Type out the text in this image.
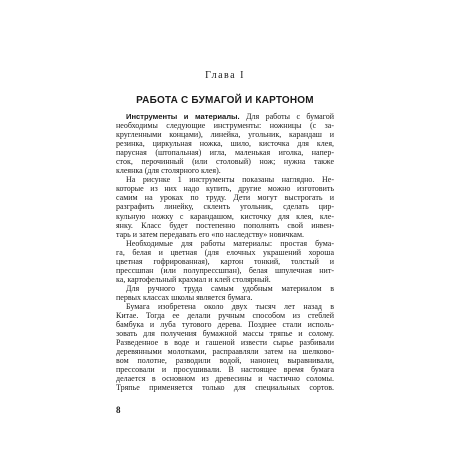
Глава I
РАБОТА С БУМАГОЙ И КАРТОНОМ
Инструменты и материалы. Для работы с бумагой
необходимы следующие инструменты: ножницы (с за-
кругленными концами), линейка, угольник, карандаш и
резинка, циркульная ножка, шило, кисточка для клея,
парусная (штопальная) игла, маленькая иголка, напер-
сток, перочинный (или столовый) нож; нужна также
клеянка (для столярного клея).
На рисунке 1 инструменты показаны наглядно. Не-
которые из них надо купить, другие можно изготовить
самим на уроках по труду. Дети могут выстрогать и
разграфить линейку, склеить угольник, сделать цир-
кульную ножку с карандашом, кисточку для клея, кле-
янку. Класс будет постепенно пополнять свой инвен-
тарь и затем передавать его «по наследству» новичкам.
Необходимые для работы материалы: простая бума-
га, белая и цветная (для елочных украшений хороша
цветная гофрированная), картон тонкий, толстый и
прессшпан (или полупрессшпан), белая шпулечная нит-
ка, картофельный крахмал и клей столярный.
Для ручного труда самым удобным материалом в
первых классах школы является бумага.
Бумага изобретена около двух тысяч лет назад в
Китае. Тогда ее делали ручным способом из стеблей
бамбука и луба тутового дерева. Позднее стали исполь-
зовать для получения бумажной массы тряпье и солому.
Разведенное в воде и гашеной извести сырье разбивали
деревянными молотками, распраавляли затем на шелково-
вом полотне, разводили водой, нанонец выравнивали,
прессовали и просушивали. В настоящее время бумага
делается в основном из древесины и частично соломы.
Тряпье применяется только для специальных сортов.
8
